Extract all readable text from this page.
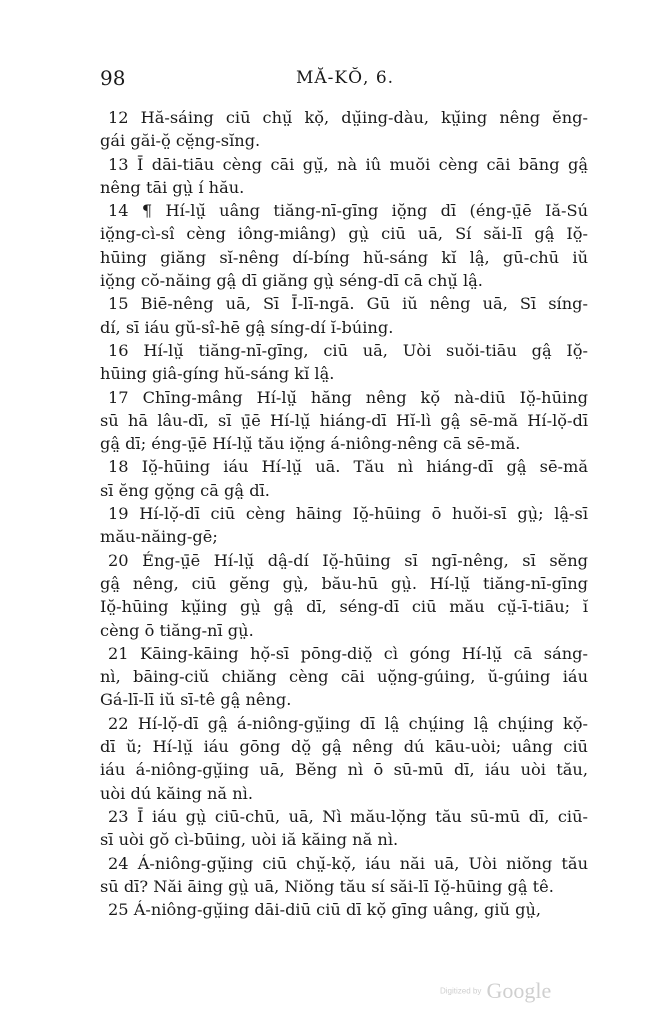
98	MĂ-KŎ, 6.
12 Hă-sáing ciū chṳ̆ kọ̆, dṳ̆ing-dàu, kṳ̆ing nêng ĕng-
gái găi-ŏ̤ cĕ̤ng-sĭng.
13 Ī dāi-tiāu cèng cāi gṳ̆, nà iû muŏi cèng cāi bāng gâ̤
nêng tāi gṳ̀ í hău.
14 ¶ Hí-lṳ̆ uâng tiăng-nī-gīng iŏ̤ng dī (éng-ṳ̄ē Iă-Sú
iŏ̤ng-cì-sî cèng iông-miâng) gṳ̀ ciū uā, Sí săi-lī gâ̤ Iŏ̤-
hūing giăng sĭ-nêng dí-bíng hŭ-sáng kĭ lâ̤, gū-chū iŭ
iŏ̤ng cŏ-năing gâ̤ dī giăng gṳ̀ séng-dī cā chṳ̆ lâ̤.
15 Biē-nêng uā, Sī Ī-lī-ngā. Gū iŭ nêng uā, Sī síng-
dí, sī iáu gŭ-sî-hē gâ̤ síng-dí ĭ-búing.
16 Hí-lṳ̆ tiăng-nī-gīng, ciū uā, Uòi suŏi-tiāu gâ̤ Iŏ̤-
hūing giâ-gíng hŭ-sáng kĭ lâ̤.
17 Chīng-mâng Hí-lṳ̆ hăng nêng kọ̆ nà-diū Iŏ̤-hūing
sū hā lâu-dī, sī ṳ̄ē Hí-lṳ̆ hiáng-dī Hĭ-lì gâ̤ sē-mă Hí-lọ̆-dī
gâ̤ dī; éng-ṳ̄ē Hí-lṳ̆ tău iŏ̤ng á-niông-nêng cā sē-mă.
18 Iŏ̤-hūing iáu Hí-lṳ̆ uā. Tău nì hiáng-dī gâ̤ sē-mă
sī ĕng gŏ̤ng cā gâ̤ dī.
19 Hí-lọ̆-dī ciū cèng hāing Iŏ̤-hūing ō huŏi-sī gṳ̀; lâ̤-sī
mău-năing-gē;
20 Éng-ṳ̄ē Hí-lṳ̆ dâ̤-dí Iŏ̤-hūing sī ngī-nêng, sī sĕng
gâ̤ nêng, ciū gĕng gṳ̀, bău-hū gṳ̀. Hí-lṳ̆ tiăng-nī-gīng
Iŏ̤-hūing kṳ̆ing gṳ̀ gâ̤ dī, séng-dī ciū mău cṳ̆-ī-tiāu; ĭ
cèng ō tiăng-nī gṳ̀.
21 Kāing-kāing họ̆-sī pōng-diŏ̤ cì góng Hí-lṳ̆ cā sáng-
nì, bāing-ciŭ chiăng cèng cāi uŏ̤ng-gúing, ŭ-gúing iáu
Gá-lī-lī iŭ sī-tê gâ̤ nêng.
22 Hí-lọ̆-dī gâ̤ á-niông-gṳ̆ing dī lâ̤ chṳ́ing lâ̤ chṳ́ing kọ̆-
dī ŭ; Hí-lṳ̆ iáu gōng dŏ̤ gâ̤ nêng dú kāu-uòi; uâng ciū
iáu á-niông-gṳ̆ing uā, Bĕng nì ō sū-mū dī, iáu uòi tău,
uòi dú kăing nă nì.
23 Ī iáu gṳ̀ ciū-chū, uā, Nì mău-lọ̆ng tău sū-mū dī, ciū-
sī uòi gŏ cì-būing, uòi iă kăing nă nì.
24 Á-niông-gṳ̆ing ciū chṳ̆-kọ̆, iáu năi uā, Uòi niŏng tău
sū dī? Năi āing gṳ̀ uā, Niŏng tău sí săi-lī Iŏ̤-hūing gâ̤ tê.
25 Á-niông-gṳ̆ing dāi-diū ciū dī kọ̆ gīng uâng, giŭ gṳ̀,
Digitized by Google
